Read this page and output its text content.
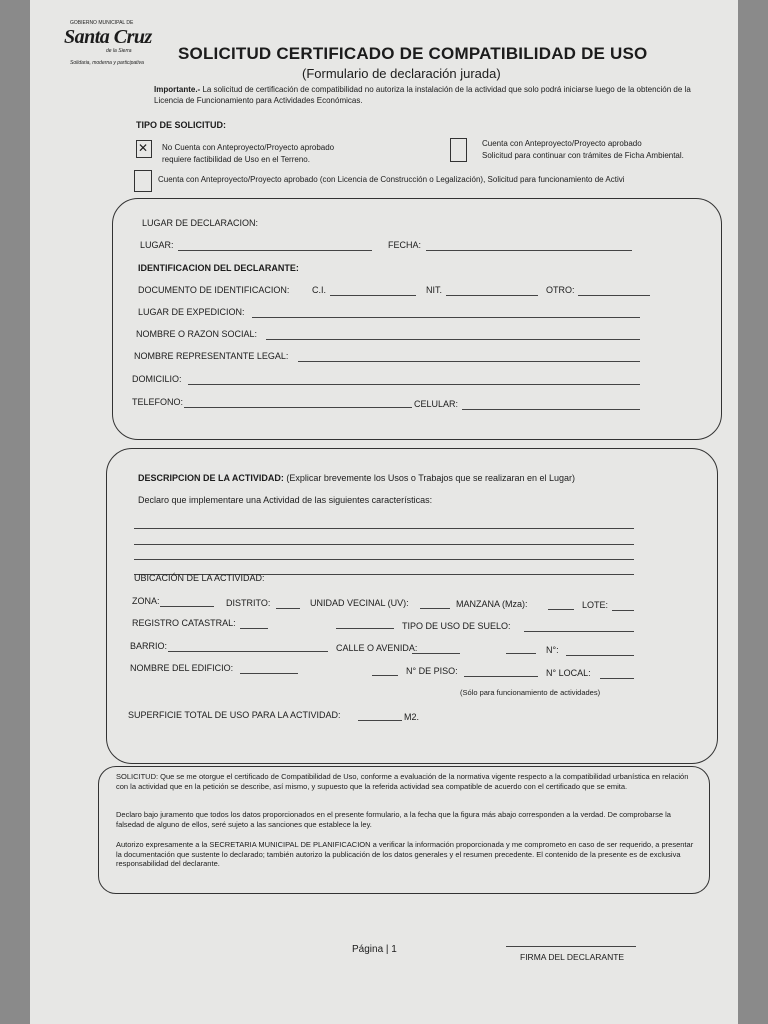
GOBIERNO MUNICIPAL DE
Santa Cruz
de la Sierra
Solidaria, moderna y participativa SOLICITUD CERTIFICADO DE COMPATIBILIDAD DE USO
(Formulario de declaración jurada)
Importante.- La solicitud de certificación de compatibilidad no autoriza la instalación de la actividad que solo podrá iniciarse luego de la obtención de la Licencia de Funcionamiento para Actividades Económicas.
TIPO DE SOLICITUD:
✕ No Cuenta con Anteproyecto/Proyecto aprobado
requiere factibilidad de Uso en el Terreno.
Cuenta con Anteproyecto/Proyecto aprobado
Solicitud para continuar con trámites de Ficha Ambiental.
Cuenta con Anteproyecto/Proyecto aprobado (con Licencia de Construcción o Legalización), Solicitud para funcionamiento de Activi
LUGAR DE DECLARACION:
LUGAR:	FECHA:
IDENTIFICACION DEL DECLARANTE:
DOCUMENTO DE IDENTIFICACION:	C.I.	NIT.	OTRO:
LUGAR DE EXPEDICION:
NOMBRE O RAZON SOCIAL:
NOMBRE REPRESENTANTE LEGAL:
DOMICILIO:
TELEFONO:	CELULAR:
DESCRIPCION DE LA ACTIVIDAD: (Explicar brevemente los Usos o Trabajos que se realizaran en el Lugar)
Declaro que implementare una Actividad de las siguientes características:
UBICACIÓN DE LA ACTIVIDAD:
ZONA:	DISTRITO:	UNIDAD VECINAL (UV):	MANZANA (Mza):	LOTE:
REGISTRO CATASTRAL:	TIPO DE USO DE SUELO:
BARRIO:	CALLE O AVENIDA:	N°:
NOMBRE DEL EDIFICIO:	N° DE PISO:	N° LOCAL:
(Sólo para funcionamiento de actividades)
SUPERFICIE TOTAL DE USO PARA LA ACTIVIDAD:	M2.
SOLICITUD: Que se me otorgue el certificado de Compatibilidad de Uso, conforme a evaluación de la normativa vigente respecto a la compatibilidad urbanística en relación con la actividad que en la petición se describe, así mismo, y supuesto que la referida actividad sea compatible de acuerdo con el certificado que se emita.
Declaro bajo juramento que todos los datos proporcionados en el presente formulario, a la fecha que la figura más abajo corresponden a la verdad. De comprobarse la falsedad de alguno de ellos, seré sujeto a las sanciones que establece la ley.
Autorizo expresamente a la SECRETARIA MUNICIPAL DE PLANIFICACION a verificar la información proporcionada y me comprometo en caso de ser requerido, a presentar la documentación que sustente lo declarado; también autorizo la publicación de los datos generales y el resumen precedente. El contenido de la presente es de exclusiva responsabilidad del declarante.
Página | 1
FIRMA DEL DECLARANTE
